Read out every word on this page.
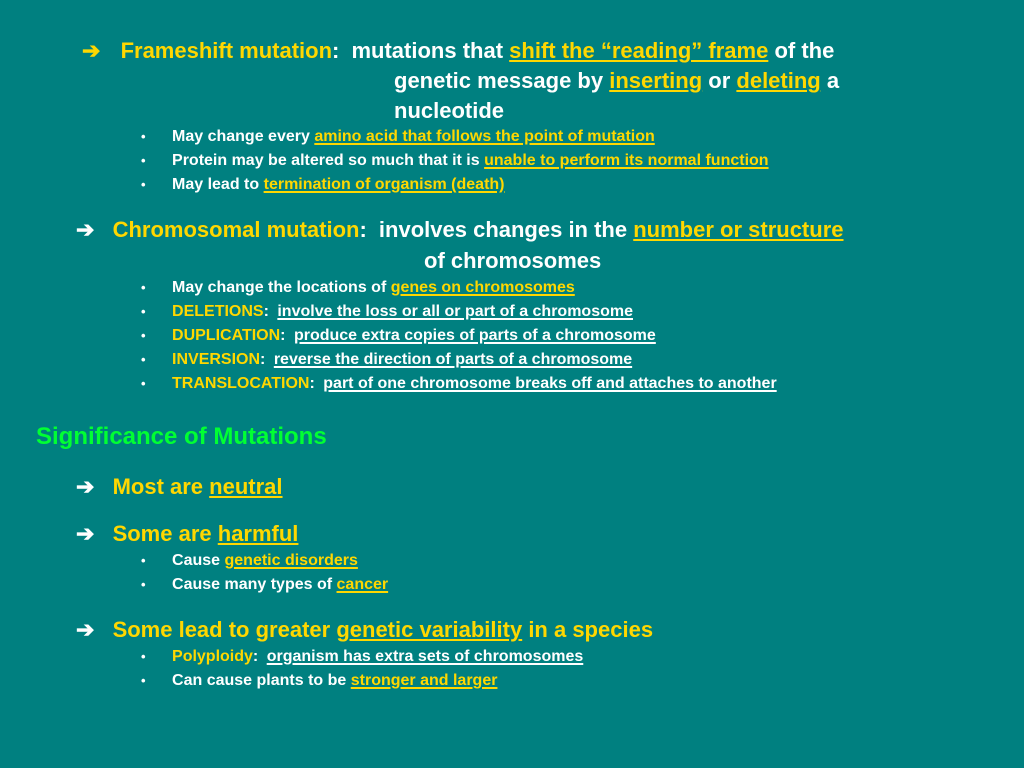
➔ Frameshift mutation: mutations that shift the “reading” frame of the
genetic message by inserting or deleting a
nucleotide
• May change every amino acid that follows the point of mutation
• Protein may be altered so much that it is unable to perform its normal function
• May lead to termination of organism (death)
➔ Chromosomal mutation: involves changes in the number or structure
of chromosomes
• May change the locations of genes on chromosomes
• DELETIONS: involve the loss or all or part of a chromosome
• DUPLICATION: produce extra copies of parts of a chromosome
• INVERSION: reverse the direction of parts of a chromosome
• TRANSLOCATION: part of one chromosome breaks off and attaches to another
Significance of Mutations
➔ Most are neutral
➔ Some are harmful
• Cause genetic disorders
• Cause many types of cancer
➔ Some lead to greater genetic variability in a species
• Polyploidy: organism has extra sets of chromosomes
• Can cause plants to be stronger and larger
